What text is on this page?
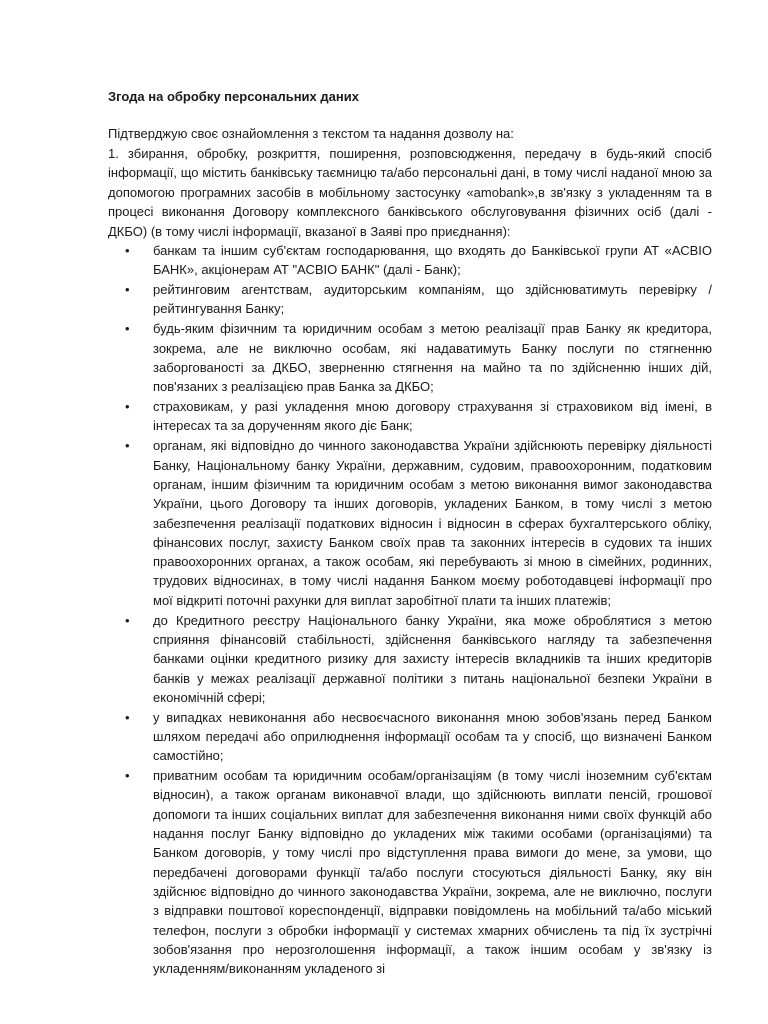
Згода на обробку персональних даних

Підтверджую своє ознайомлення з текстом та надання дозволу на:

1. збирання, обробку, розкриття, поширення, розповсюдження, передачу в будь-який спосіб інформації, що містить банківську таємницю та/або персональні дані, в тому числі наданої мною за допомогою програмних засобів в мобільному застосунку «amobank»,в зв'язку з укладенням та в процесі виконання Договору комплексного банківського обслуговування фізичних осіб (далі - ДКБО) (в тому числі інформації, вказаної в Заяві про приєднання):

• банкам та іншим суб'єктам господарювання, що входять до Банківської групи АТ «АСВІО БАНК», акціонерам АТ "АСВІО БАНК" (далі - Банк);
• рейтинговим агентствам, аудиторським компаніям, що здійснюватимуть перевірку / рейтингування Банку;
• будь-яким фізичним та юридичним особам з метою реалізації прав Банку як кредитора, зокрема, але не виключно особам, які надаватимуть Банку послуги по стягненню заборгованості за ДКБО, зверненню стягнення на майно та по здійсненню інших дій, пов'язаних з реалізацією прав Банка за ДКБО;
• страховикам, у разі укладення мною договору страхування зі страховиком від імені, в інтересах та за дорученням якого діє Банк;
• органам, які відповідно до чинного законодавства України здійснюють перевірку діяльності Банку, Національному банку України, державним, судовим, правоохоронним, податковим органам, іншим фізичним та юридичним особам з метою виконання вимог законодавства України, цього Договору та інших договорів, укладених Банком, в тому числі з метою забезпечення реалізації податкових відносин і відносин в сферах бухгалтерського обліку, фінансових послуг, захисту Банком своїх прав та законних інтересів в судових та інших правоохоронних органах, а також особам, які перебувають зі мною в сімейних, родинних, трудових відносинах, в тому числі надання Банком моєму роботодавцеві інформації про мої відкриті поточні рахунки для виплат заробітної плати та інших платежів;
• до Кредитного реєстру Національного банку України, яка може оброблятися з метою сприяння фінансовій стабільності, здійснення банківського нагляду та забезпечення банками оцінки кредитного ризику для захисту інтересів вкладників та інших кредиторів банків у межах реалізації державної політики з питань національної безпеки України в економічній сфері;
• у випадках невиконання або несвоєчасного виконання мною зобов'язань перед Банком шляхом передачі або оприлюднення інформації особам та у спосіб, що визначені Банком самостійно;
• приватним особам та юридичним особам/організаціям (в тому числі іноземним суб'єктам відносин), а також органам виконавчої влади, що здійснюють виплати пенсій, грошової допомоги та інших соціальних виплат для забезпечення виконання ними своїх функцій або надання послуг Банку відповідно до укладених між такими особами (організаціями) та Банком договорів, у тому числі про відступлення права вимоги до мене, за умови, що передбачені договорами функції та/або послуги стосуються діяльності Банку, яку він здійснює відповідно до чинного законодавства України, зокрема, але не виключно, послуги з відправки поштової кореспонденції, відправки повідомлень на мобільний та/або міський телефон, послуги з обробки інформації у системах хмарних обчислень та під їх зустрічні зобов'язання про нерозголошення інформації, а також іншим особам у зв'язку із укладенням/виконанням укладеного зі
